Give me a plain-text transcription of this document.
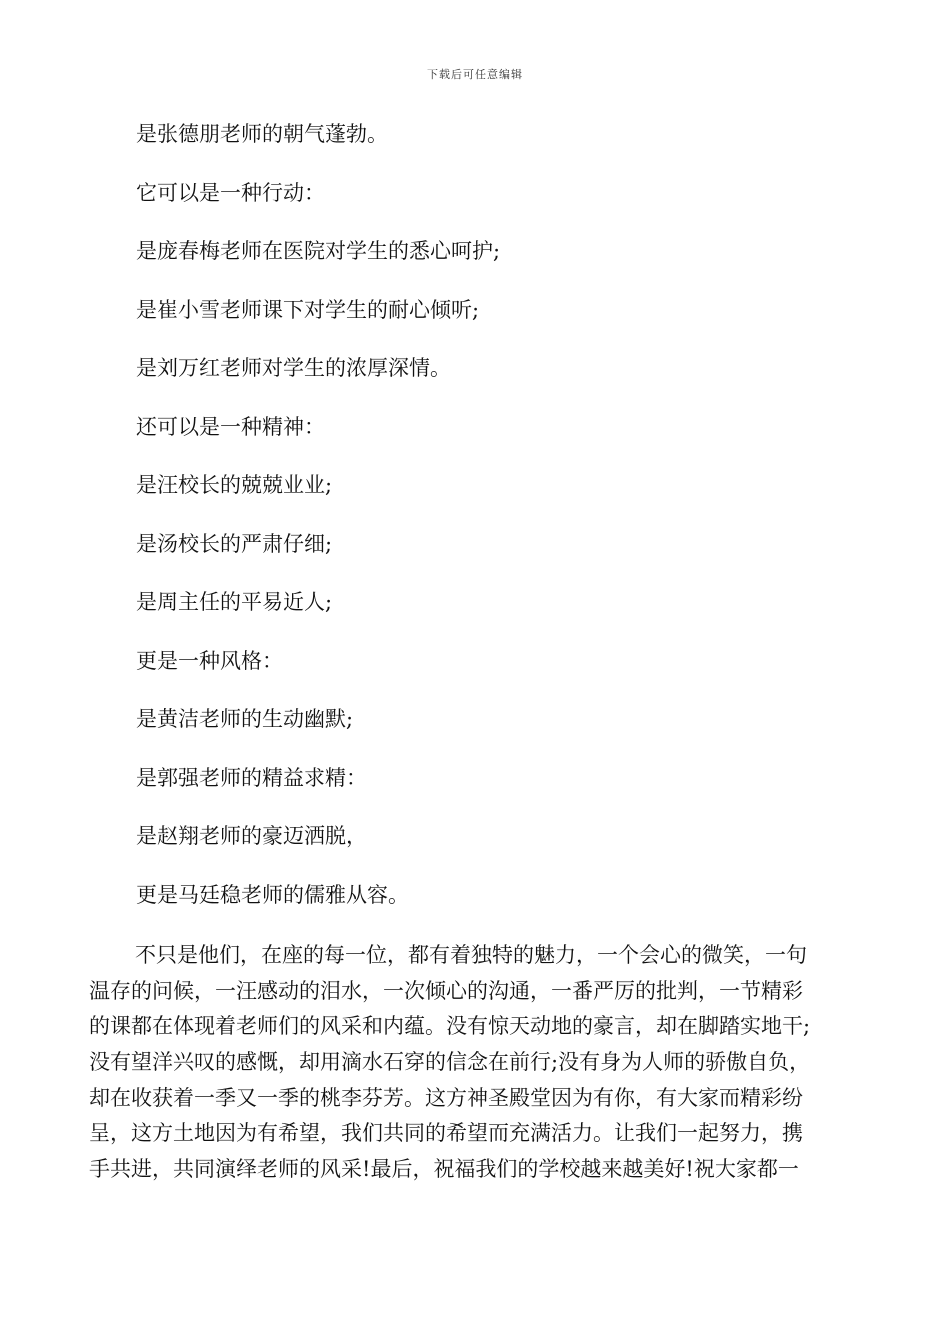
下载后可任意编辑
是张德朋老师的朝气蓬勃。
它可以是一种行动：
是庞春梅老师在医院对学生的悉心呵护;
是崔小雪老师课下对学生的耐心倾听;
是刘万红老师对学生的浓厚深情。
还可以是一种精神：
是汪校长的兢兢业业;
是汤校长的严肃仔细;
是周主任的平易近人;
更是一种风格：
是黄洁老师的生动幽默;
是郭强老师的精益求精：
是赵翔老师的豪迈洒脱，
更是马廷稳老师的儒雅从容。
不只是他们，在座的每一位，都有着独特的魅力，一个会心的微笑，一句
温存的问候，一汪感动的泪水，一次倾心的沟通，一番严厉的批判，一节精彩
的课都在体现着老师们的风采和内蕴。没有惊天动地的豪言，却在脚踏实地干;
没有望洋兴叹的感慨，却用滴水石穿的信念在前行;没有身为人师的骄傲自负，
却在收获着一季又一季的桃李芬芳。这方神圣殿堂因为有你，有大家而精彩纷
呈，这方土地因为有希望，我们共同的希望而充满活力。让我们一起努力，携
手共进，共同演绎老师的风采!最后，祝福我们的学校越来越美好!祝大家都一
